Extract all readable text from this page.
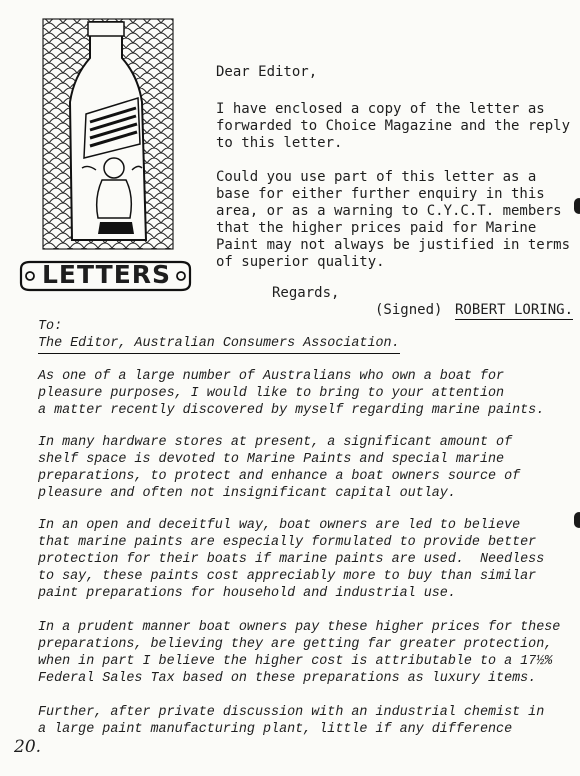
LETTERS

Dear Editor,

I have enclosed a copy of the letter as
forwarded to Choice Magazine and the reply
to this letter.

Could you use part of this letter as a
base for either further enquiry in this
area, or as a warning to C.Y.C.T. members
that the higher prices paid for Marine
Paint may not always be justified in terms
of superior quality.

Regards,
(Signed) ROBERT LORING.
To:
The Editor, Australian Consumers Association.

As one of a large number of Australians who own a boat for
pleasure purposes, I would like to bring to your attention
a matter recently discovered by myself regarding marine paints.

In many hardware stores at present, a significant amount of
shelf space is devoted to Marine Paints and special marine
preparations, to protect and enhance a boat owners source of
pleasure and often not insignificant capital outlay.

In an open and deceitful way, boat owners are led to believe
that marine paints are especially formulated to provide better
protection for their boats if marine paints are used.  Needless
to say, these paints cost appreciably more to buy than similar
paint preparations for household and industrial use.

In a prudent manner boat owners pay these higher prices for these
preparations, believing they are getting far greater protection,
when in part I believe the higher cost is attributable to a 17½%
Federal Sales Tax based on these preparations as luxury items.

Further, after private discussion with an industrial chemist in
a large paint manufacturing plant, little if any difference

20.
